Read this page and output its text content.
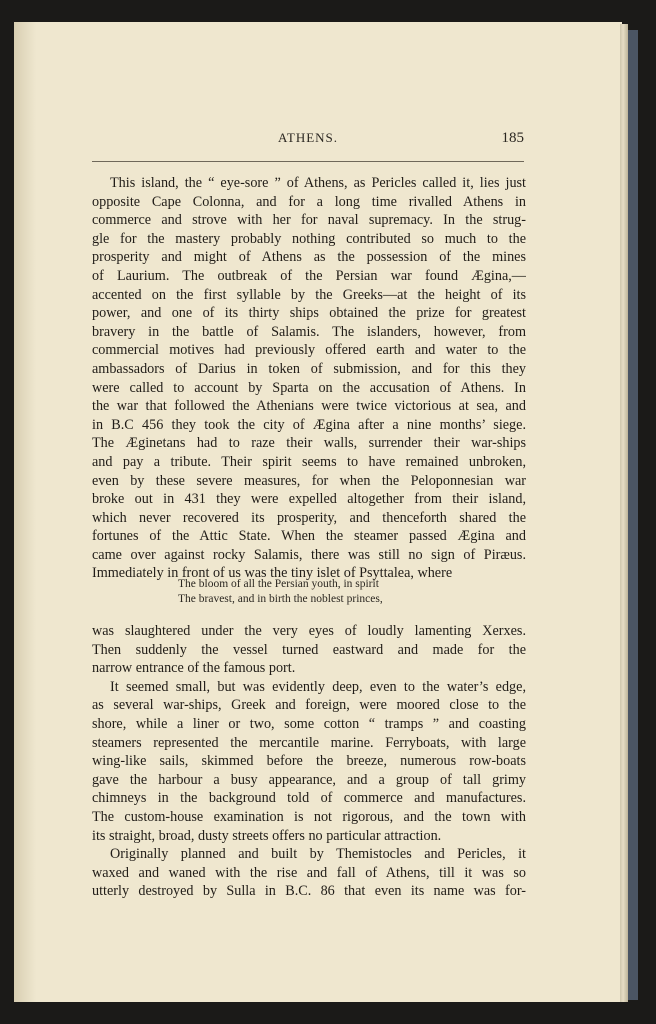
ATHENS.	185
This island, the “ eye-sore ” of Athens, as Pericles called it, lies just
opposite Cape Colonna, and for a long time rivalled Athens in
commerce and strove with her for naval supremacy. In the strug-
gle for the mastery probably nothing contributed so much to the
prosperity and might of Athens as the possession of the mines
of Laurium. The outbreak of the Persian war found Ægina,—
accented on the first syllable by the Greeks—at the height of its
power, and one of its thirty ships obtained the prize for greatest
bravery in the battle of Salamis. The islanders, however, from
commercial motives had previously offered earth and water to the
ambassadors of Darius in token of submission, and for this they
were called to account by Sparta on the accusation of Athens. In
the war that followed the Athenians were twice victorious at sea, and
in B.C 456 they took the city of Ægina after a nine months’ siege.
The Æginetans had to raze their walls, surrender their war-ships
and pay a tribute. Their spirit seems to have remained unbroken,
even by these severe measures, for when the Peloponnesian war
broke out in 431 they were expelled altogether from their island,
which never recovered its prosperity, and thenceforth shared the
fortunes of the Attic State. When the steamer passed Ægina and
came over against rocky Salamis, there was still no sign of Piræus.
Immediately in front of us was the tiny islet of Psyttalea, where

The bloom of all the Persian youth, in spirit

The bravest, and in birth the noblest princes,

was slaughtered under the very eyes of loudly lamenting Xerxes.
Then suddenly the vessel turned eastward and made for the
narrow entrance of the famous port.
It seemed small, but was evidently deep, even to the water’s edge,
as several war-ships, Greek and foreign, were moored close to the
shore, while a liner or two, some cotton “ tramps ” and coasting
steamers represented the mercantile marine. Ferryboats, with large
wing-like sails, skimmed before the breeze, numerous row-boats
gave the harbour a busy appearance, and a group of tall grimy
chimneys in the background told of commerce and manufactures.
The custom-house examination is not rigorous, and the town with
its straight, broad, dusty streets offers no particular attraction.
Originally planned and built by Themistocles and Pericles, it
waxed and waned with the rise and fall of Athens, till it was so
utterly destroyed by Sulla in B.C. 86 that even its name was for-
